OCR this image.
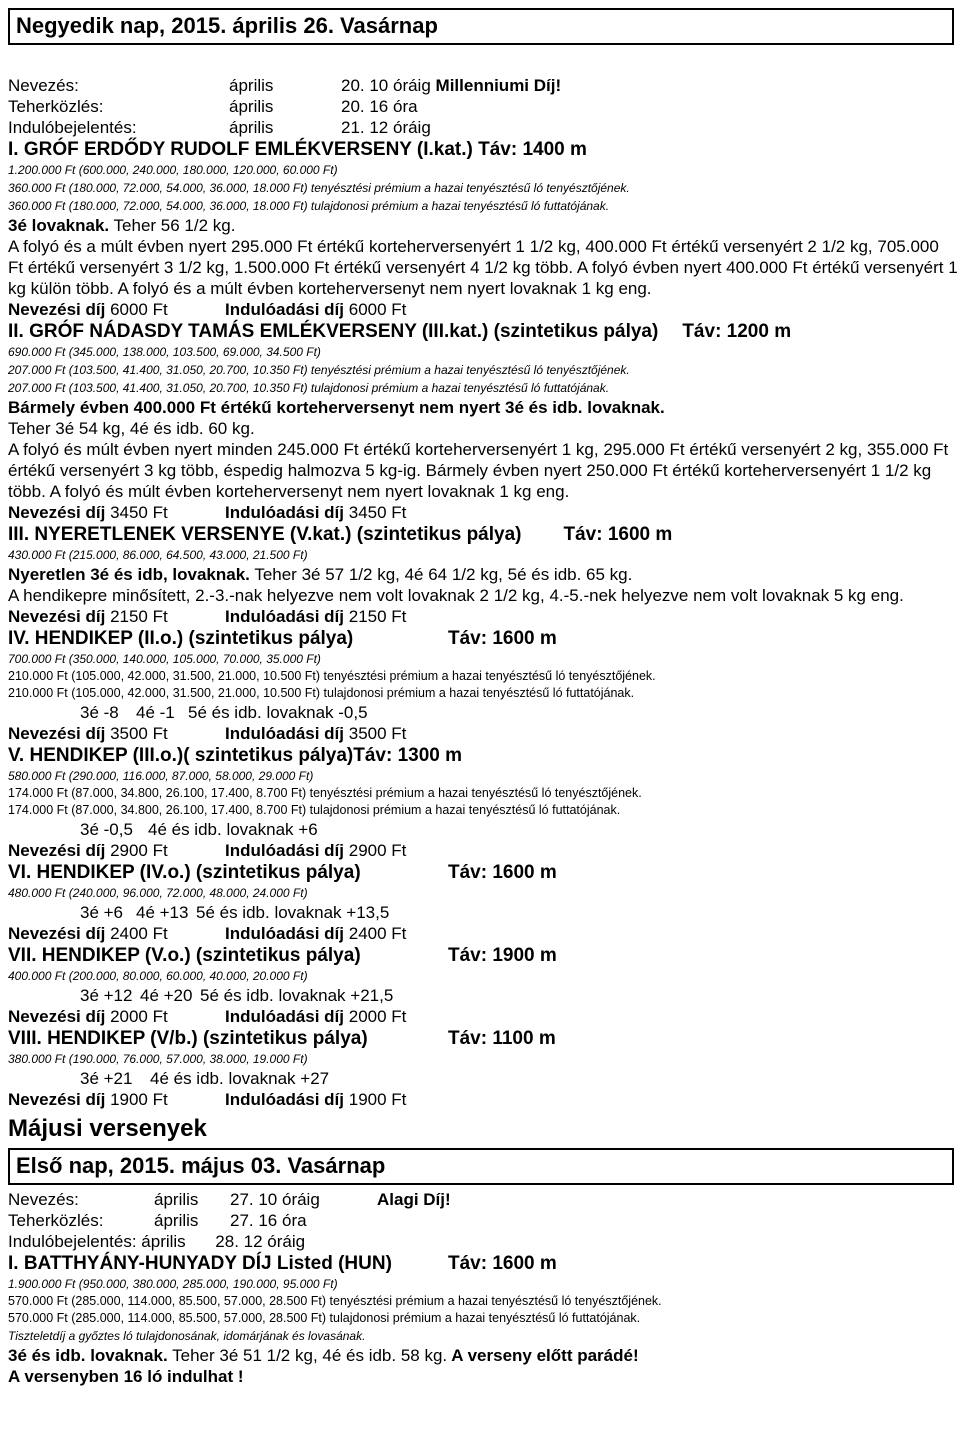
Negyedik nap, 2015. április 26. Vasárnap

Nevezés:	április	20. 10 óráig Millenniumi Díj!

Teherközlés:	április	20. 16 óra

Indulóbejelentés:	április	21. 12 óráig

I. GRÓF ERDŐDY RUDOLF EMLÉKVERSENY (I.kat.) Táv: 1400 m

1.200.000 Ft (600.000, 240.000, 180.000, 120.000, 60.000 Ft)

360.000 Ft (180.000, 72.000, 54.000, 36.000, 18.000 Ft) tenyésztési prémium a hazai tenyésztésű ló tenyésztőjének.

360.000 Ft (180.000, 72.000, 54.000, 36.000, 18.000 Ft) tulajdonosi prémium a hazai tenyésztésű ló futtatójának.

3é lovaknak. Teher 56 1/2 kg.

A folyó és a múlt évben nyert 295.000 Ft értékű korteherversenyért 1 1/2 kg, 400.000 Ft értékű versenyért 2 1/2 kg, 705.000 Ft értékű versenyért 3 1/2 kg, 1.500.000 Ft értékű versenyért 4 1/2 kg több. A folyó évben nyert 400.000 Ft értékű versenyért 1 kg külön több. A folyó és a múlt évben korteherversenyt nem nyert lovaknak 1 kg eng.

Nevezési díj 6000 Ft	Indulóadási díj 6000 Ft

II. GRÓF NÁDASDY TAMÁS EMLÉKVERSENY (III.kat.) (szintetikus pálya) Táv: 1200 m

690.000 Ft (345.000, 138.000, 103.500, 69.000, 34.500 Ft)

207.000 Ft (103.500, 41.400, 31.050, 20.700, 10.350 Ft) tenyésztési prémium a hazai tenyésztésű ló tenyésztőjének.

207.000 Ft (103.500, 41.400, 31.050, 20.700, 10.350 Ft) tulajdonosi prémium a hazai tenyésztésű ló futtatójának.

Bármely évben 400.000 Ft értékű korteherversenyt nem nyert 3é és idb. lovaknak.

Teher 3é 54 kg, 4é és idb. 60 kg.

A folyó és múlt évben nyert minden 245.000 Ft értékű korteherversenyért 1 kg, 295.000 Ft értékű versenyért 2 kg, 355.000 Ft értékű versenyért 3 kg több, éspedig halmozva 5 kg-ig. Bármely évben nyert 250.000 Ft értékű korteherversenyért 1 1/2 kg több. A folyó és múlt évben korteherversenyt nem nyert lovaknak 1 kg eng.

Nevezési díj 3450 Ft	Indulóadási díj 3450 Ft

III. NYERETLENEK VERSENYE (V.kat.) (szintetikus pálya) Táv: 1600 m

430.000 Ft (215.000, 86.000, 64.500, 43.000, 21.500 Ft)

Nyeretlen 3é és idb, lovaknak. Teher 3é 57 1/2 kg, 4é 64 1/2 kg, 5é és idb. 65 kg.

A hendikepre minősített, 2.-3.-nak helyezve nem volt lovaknak 2 1/2 kg, 4.-5.-nek helyezve nem volt lovaknak 5 kg eng.

Nevezési díj 2150 Ft	Indulóadási díj 2150 Ft

IV. HENDIKEP (II.o.) (szintetikus pálya)	Táv: 1600 m

700.000 Ft (350.000, 140.000, 105.000, 70.000, 35.000 Ft)

210.000 Ft (105.000, 42.000, 31.500, 21.000, 10.500 Ft) tenyésztési prémium a hazai tenyésztésű ló tenyésztőjének.

210.000 Ft (105.000, 42.000, 31.500, 21.000, 10.500 Ft) tulajdonosi prémium a hazai tenyésztésű ló futtatójának.

3é -8 4é -1 5é és idb. lovaknak -0,5

Nevezési díj 3500 Ft	Indulóadási díj 3500 Ft

V. HENDIKEP (III.o.)( szintetikus pálya)Táv: 1300 m

580.000 Ft (290.000, 116.000, 87.000, 58.000, 29.000 Ft)

174.000 Ft (87.000, 34.800, 26.100, 17.400, 8.700 Ft) tenyésztési prémium a hazai tenyésztésű ló tenyésztőjének.

174.000 Ft (87.000, 34.800, 26.100, 17.400, 8.700 Ft) tulajdonosi prémium a hazai tenyésztésű ló futtatójának.

3é -0,5 4é és idb. lovaknak +6

Nevezési díj 2900 Ft	Indulóadási díj 2900 Ft

VI. HENDIKEP (IV.o.) (szintetikus pálya)	Táv: 1600 m

480.000 Ft (240.000, 96.000, 72.000, 48.000, 24.000 Ft)

3é +6 4é +13 5é és idb. lovaknak +13,5

Nevezési díj 2400 Ft	Indulóadási díj 2400 Ft

VII. HENDIKEP (V.o.) (szintetikus pálya)	Táv: 1900 m

400.000 Ft (200.000, 80.000, 60.000, 40.000, 20.000 Ft)

3é +12 4é +20 5é és idb. lovaknak +21,5

Nevezési díj 2000 Ft	Indulóadási díj 2000 Ft

VIII. HENDIKEP (V/b.) (szintetikus pálya)	Táv: 1100 m

380.000 Ft (190.000, 76.000, 57.000, 38.000, 19.000 Ft)

3é +21 4é és idb. lovaknak +27

Nevezési díj 1900 Ft	Indulóadási díj 1900 Ft

Májusi versenyek

Első nap, 2015. május 03. Vasárnap

Nevezés:	április 27. 10 óráig	Alagi Díj!

Teherközlés:	április 27. 16 óra

Indulóbejelentés: április 28. 12 óráig

I. BATTHYÁNY-HUNYADY DÍJ Listed (HUN)	Táv: 1600 m

1.900.000 Ft (950.000, 380.000, 285.000, 190.000, 95.000 Ft)

570.000 Ft (285.000, 114.000, 85.500, 57.000, 28.500 Ft) tenyésztési prémium a hazai tenyésztésű ló tenyésztőjének.

570.000 Ft (285.000, 114.000, 85.500, 57.000, 28.500 Ft) tulajdonosi prémium a hazai tenyésztésű ló futtatójának.

Tiszteletdíj a győztes ló tulajdonosának, idomárjának és lovasának.

3é és idb. lovaknak. Teher 3é 51 1/2 kg, 4é és idb. 58 kg. A verseny előtt parádé!

A versenyben 16 ló indulhat !
